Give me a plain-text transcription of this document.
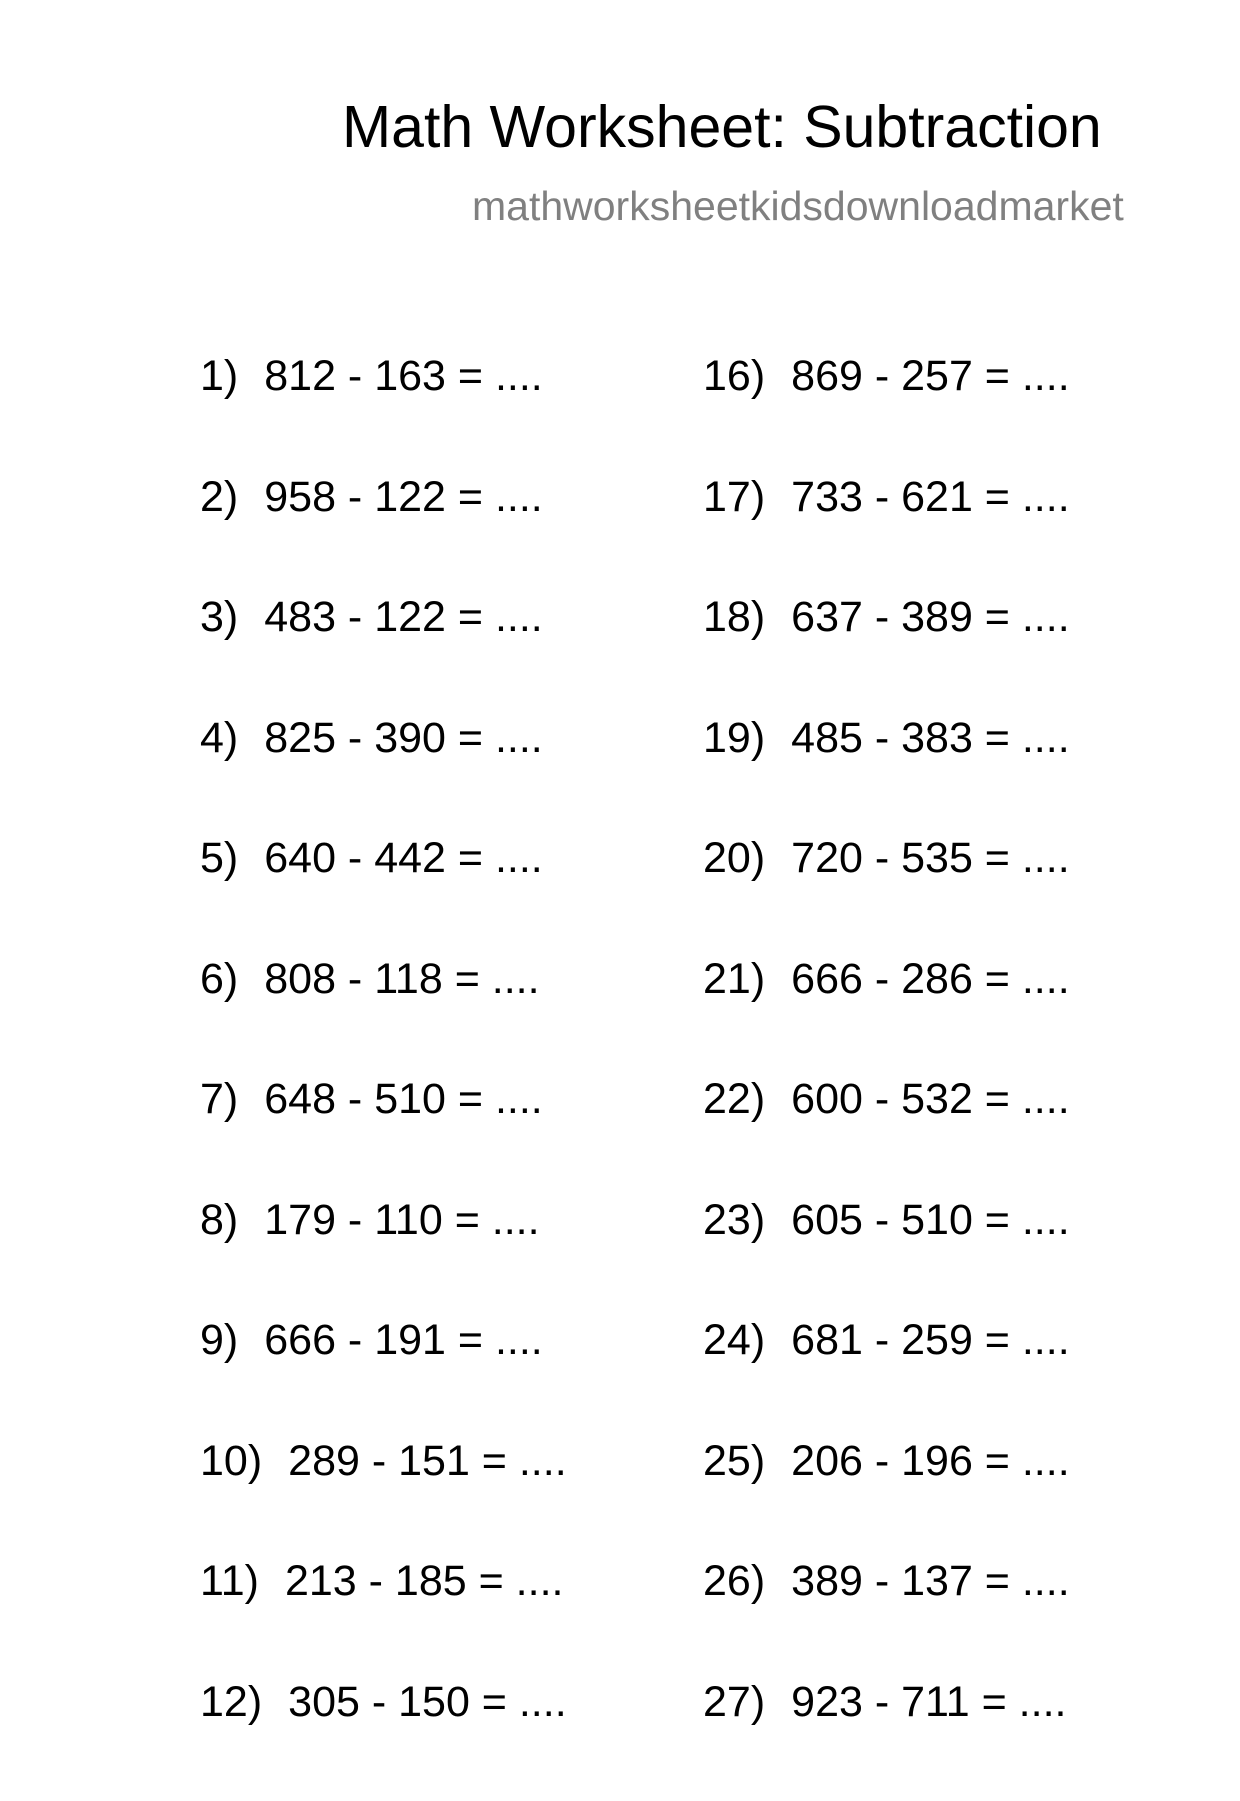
Math Worksheet: Subtraction
mathworksheetkidsdownloadmarket
1) 812 - 163 = ....
2) 958 - 122 = ....
3) 483 - 122 = ....
4) 825 - 390 = ....
5) 640 - 442 = ....
6) 808 - 118 = ....
7) 648 - 510 = ....
8) 179 - 110 = ....
9) 666 - 191 = ....
10) 289 - 151 = ....
11) 213 - 185 = ....
12) 305 - 150 = ....
16) 869 - 257 = ....
17) 733 - 621 = ....
18) 637 - 389 = ....
19) 485 - 383 = ....
20) 720 - 535 = ....
21) 666 - 286 = ....
22) 600 - 532 = ....
23) 605 - 510 = ....
24) 681 - 259 = ....
25) 206 - 196 = ....
26) 389 - 137 = ....
27) 923 - 711 = ....
